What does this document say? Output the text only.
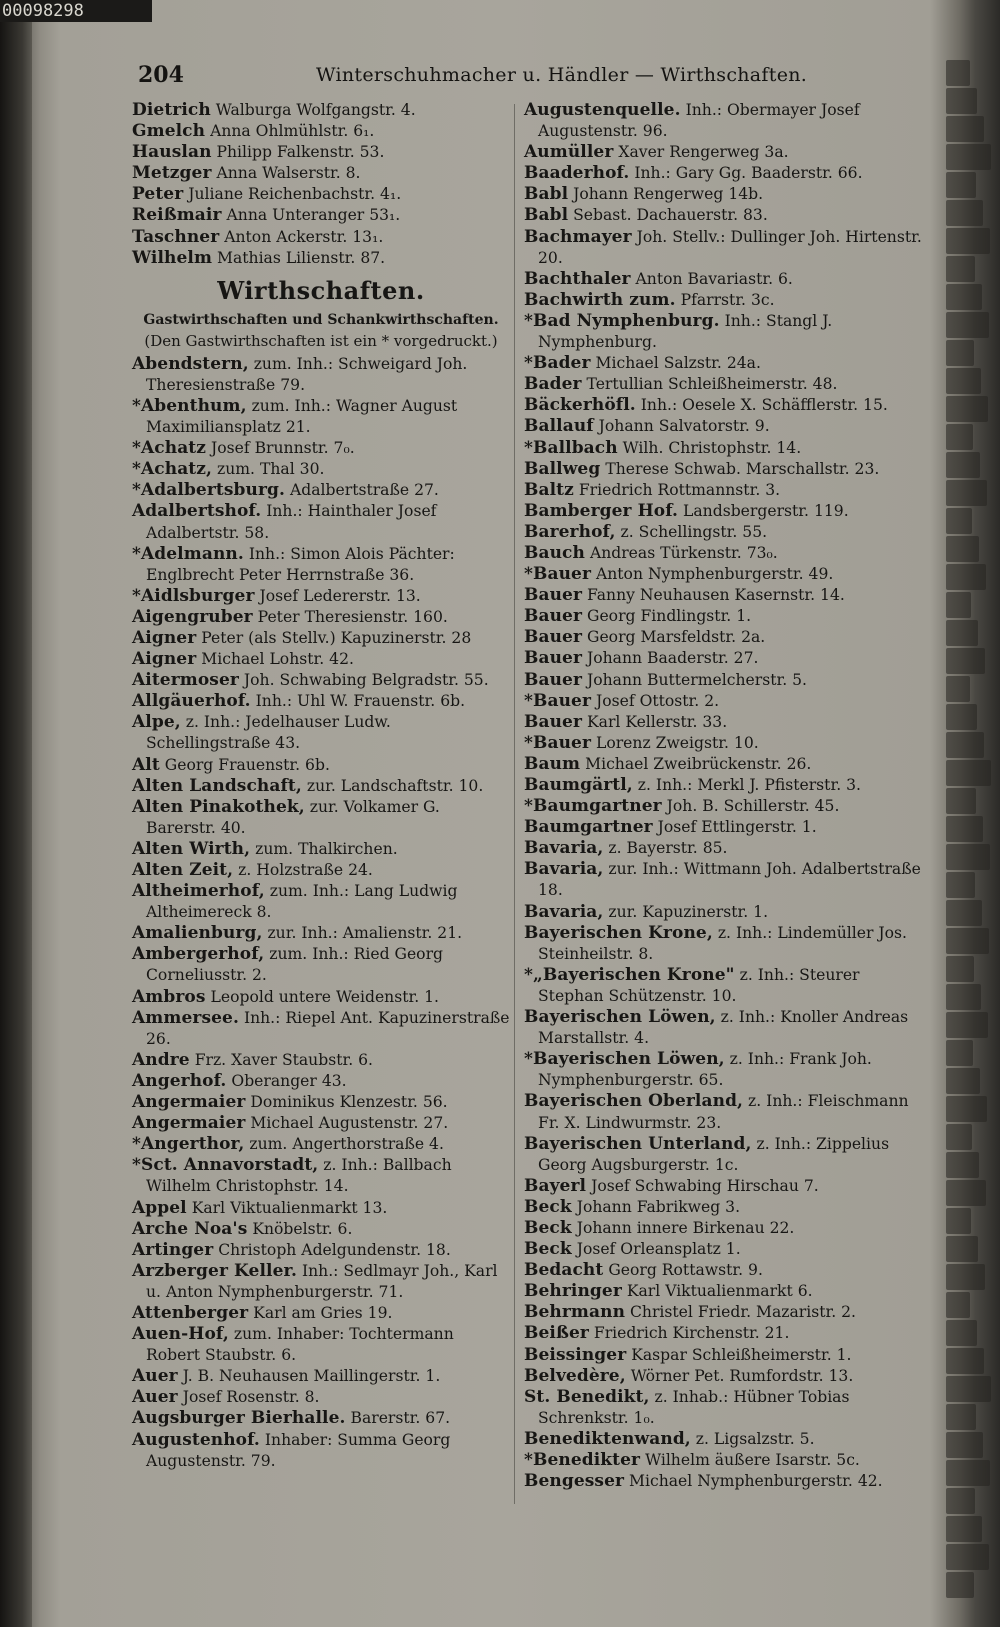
00098298
204	Winterschuhmacher u. Händler — Wirthschaften.
Dietrich Walburga Wolfgangstr. 4.
Gmelch Anna Ohlmühlstr. 6₁.
Hauslan Philipp Falkenstr. 53.
Metzger Anna Walserstr. 8.
Peter Juliane Reichenbachstr. 4₁.
Reißmair Anna Unteranger 53₁.
Taschner Anton Ackerstr. 13₁.
Wilhelm Mathias Lilienstr. 87.
Wirthschaften.
Gastwirthschaften und Schankwirthschaften.
(Den Gastwirthschaften ist ein * vorgedruckt.)
Abendstern, zum. Inh.: Schweigard Joh. Theresienstraße 79.
*Abenthum, zum. Inh.: Wagner August Maximiliansplatz 21.
*Achatz Josef Brunnstr. 7₀.
*Achatz, zum. Thal 30.
*Adalbertsburg. Adalbertstraße 27.
Adalbertshof. Inh.: Hainthaler Josef Adalbertstr. 58.
*Adelmann. Inh.: Simon Alois Pächter: Englbrecht Peter Herrnstraße 36.
*Aidlsburger Josef Ledererstr. 13.
Aigengruber Peter Theresienstr. 160.
Aigner Peter (als Stellv.) Kapuzinerstr. 28
Aigner Michael Lohstr. 42.
Aitermoser Joh. Schwabing Belgradstr. 55.
Allgäuerhof. Inh.: Uhl W. Frauenstr. 6b.
Alpe, z. Inh.: Jedelhauser Ludw. Schellingstraße 43.
Alt Georg Frauenstr. 6b.
Alten Landschaft, zur. Landschaftstr. 10.
Alten Pinakothek, zur. Volkamer G. Barerstr. 40.
Alten Wirth, zum. Thalkirchen.
Alten Zeit, z. Holzstraße 24.
Altheimerhof, zum. Inh.: Lang Ludwig Altheimereck 8.
Amalienburg, zur. Inh.: Amalienstr. 21.
Ambergerhof, zum. Inh.: Ried Georg Corneliusstr. 2.
Ambros Leopold untere Weidenstr. 1.
Ammersee. Inh.: Riepel Ant. Kapuzinerstraße 26.
Andre Frz. Xaver Staubstr. 6.
Angerhof. Oberanger 43.
Angermaier Dominikus Klenzestr. 56.
Angermaier Michael Augustenstr. 27.
*Angerthor, zum. Angerthorstraße 4.
*Sct. Annavorstadt, z. Inh.: Ballbach Wilhelm Christophstr. 14.
Appel Karl Viktualienmarkt 13.
Arche Noa's Knöbelstr. 6.
Artinger Christoph Adelgundenstr. 18.
Arzberger Keller. Inh.: Sedlmayr Joh., Karl u. Anton Nymphenburgerstr. 71.
Attenberger Karl am Gries 19.
Auen-Hof, zum. Inhaber: Tochtermann Robert Staubstr. 6.
Auer J. B. Neuhausen Maillingerstr. 1.
Auer Josef Rosenstr. 8.
Augsburger Bierhalle. Barerstr. 67.
Augustenhof. Inhaber: Summa Georg Augustenstr. 79.
Augustenquelle. Inh.: Obermayer Josef Augustenstr. 96.
Aumüller Xaver Rengerweg 3a.
Baaderhof. Inh.: Gary Gg. Baaderstr. 66.
Babl Johann Rengerweg 14b.
Babl Sebast. Dachauerstr. 83.
Bachmayer Joh. Stellv.: Dullinger Joh. Hirtenstr. 20.
Bachthaler Anton Bavariastr. 6.
Bachwirth zum. Pfarrstr. 3c.
*Bad Nymphenburg. Inh.: Stangl J. Nymphenburg.
*Bader Michael Salzstr. 24a.
Bader Tertullian Schleißheimerstr. 48.
Bäckerhöfl. Inh.: Oesele X. Schäfflerstr. 15.
Ballauf Johann Salvatorstr. 9.
*Ballbach Wilh. Christophstr. 14.
Ballweg Therese Schwab. Marschallstr. 23.
Baltz Friedrich Rottmannstr. 3.
Bamberger Hof. Landsbergerstr. 119.
Barerhof, z. Schellingstr. 55.
Bauch Andreas Türkenstr. 73₀.
*Bauer Anton Nymphenburgerstr. 49.
Bauer Fanny Neuhausen Kasernstr. 14.
Bauer Georg Findlingstr. 1.
Bauer Georg Marsfeldstr. 2a.
Bauer Johann Baaderstr. 27.
Bauer Johann Buttermelcherstr. 5.
*Bauer Josef Ottostr. 2.
Bauer Karl Kellerstr. 33.
*Bauer Lorenz Zweigstr. 10.
Baum Michael Zweibrückenstr. 26.
Baumgärtl, z. Inh.: Merkl J. Pfisterstr. 3.
*Baumgartner Joh. B. Schillerstr. 45.
Baumgartner Josef Ettlingerstr. 1.
Bavaria, z. Bayerstr. 85.
Bavaria, zur. Inh.: Wittmann Joh. Adalbertstraße 18.
Bavaria, zur. Kapuzinerstr. 1.
Bayerischen Krone, z. Inh.: Lindemüller Jos. Steinheilstr. 8.
*„Bayerischen Krone" z. Inh.: Steurer Stephan Schützenstr. 10.
Bayerischen Löwen, z. Inh.: Knoller Andreas Marstallstr. 4.
*Bayerischen Löwen, z. Inh.: Frank Joh. Nymphenburgerstr. 65.
Bayerischen Oberland, z. Inh.: Fleischmann Fr. X. Lindwurmstr. 23.
Bayerischen Unterland, z. Inh.: Zippelius Georg Augsburgerstr. 1c.
Bayerl Josef Schwabing Hirschau 7.
Beck Johann Fabrikweg 3.
Beck Johann innere Birkenau 22.
Beck Josef Orleansplatz 1.
Bedacht Georg Rottawstr. 9.
Behringer Karl Viktualienmarkt 6.
Behrmann Christel Friedr. Mazaristr. 2.
Beißer Friedrich Kirchenstr. 21.
Beissinger Kaspar Schleißheimerstr. 1.
Belvedère, Wörner Pet. Rumfordstr. 13.
St. Benedikt, z. Inhab.: Hübner Tobias Schrenkstr. 1₀.
Benediktenwand, z. Ligsalzstr. 5.
*Benedikter Wilhelm äußere Isarstr. 5c.
Bengesser Michael Nymphenburgerstr. 42.
